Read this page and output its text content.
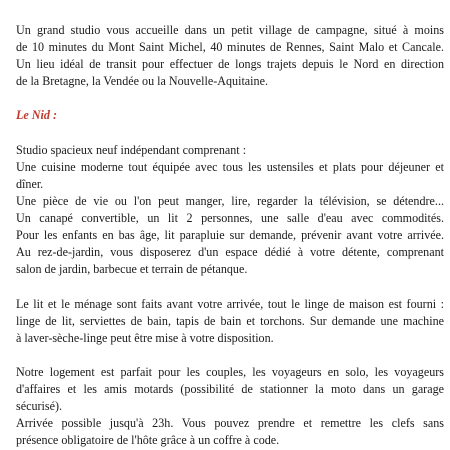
Un grand studio vous accueille dans un petit village de campagne, situé à moins
de 10 minutes du Mont Saint Michel, 40 minutes de Rennes, Saint Malo et Cancale.
Un lieu idéal de transit pour effectuer de longs trajets depuis le Nord en direction
de la Bretagne, la Vendée ou la Nouvelle-Aquitaine.

Le Nid :

Studio spacieux neuf indépendant comprenant :
Une cuisine moderne tout équipée avec tous les ustensiles et plats pour déjeuner et
dîner.
Une pièce de vie ou l'on peut manger, lire, regarder la télévision, se détendre...
Un canapé convertible, un lit 2 personnes, une salle d'eau avec commodités.
Pour les enfants en bas âge, lit parapluie sur demande, prévenir avant votre arrivée.
Au rez-de-jardin, vous disposerez d'un espace dédié à votre détente, comprenant
salon de jardin, barbecue et terrain de pétanque.
Le lit et le ménage sont faits avant votre arrivée, tout le linge de maison est fourni :
linge de lit, serviettes de bain, tapis de bain et torchons. Sur demande une machine
à laver-sèche-linge peut être mise à votre disposition.
Notre logement est parfait pour les couples, les voyageurs en solo, les voyageurs
d'affaires et les amis motards (possibilité de stationner la moto dans un garage
sécurisé).
Arrivée possible jusqu'à 23h. Vous pouvez prendre et remettre les clefs sans
présence obligatoire de l'hôte grâce à un coffre à code.
